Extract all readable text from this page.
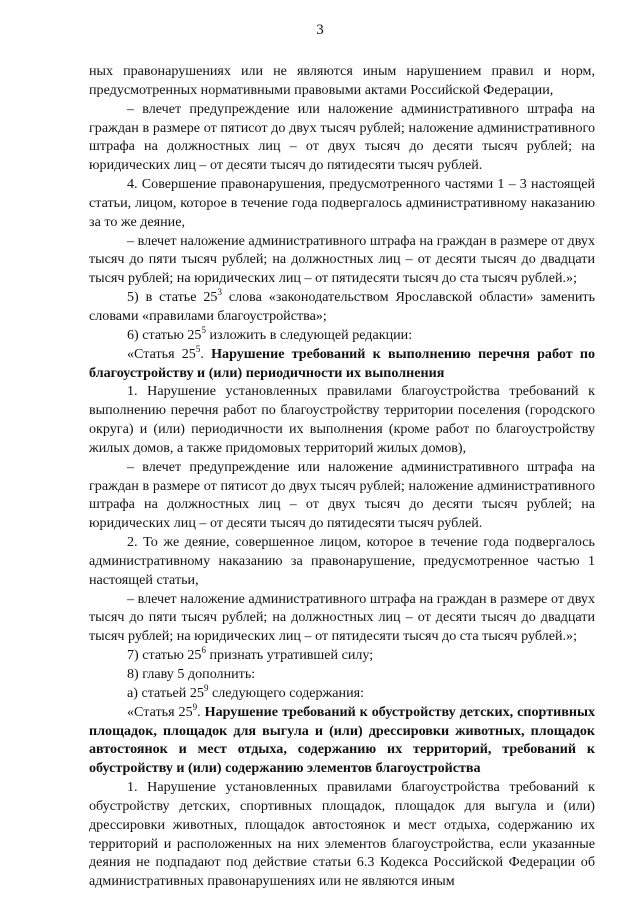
3

ных правонарушениях или не являются иным нарушением правил и норм, предусмотренных нормативными правовыми актами Российской Федерации,

– влечет предупреждение или наложение административного штрафа на граждан в размере от пятисот до двух тысяч рублей; наложение административного штрафа на должностных лиц – от двух тысяч до десяти тысяч рублей; на юридических лиц – от десяти тысяч до пятидесяти тысяч рублей.

4. Совершение правонарушения, предусмотренного частями 1 – 3 настоящей статьи, лицом, которое в течение года подвергалось административному наказанию за то же деяние,

– влечет наложение административного штрафа на граждан в размере от двух тысяч до пяти тысяч рублей; на должностных лиц – от десяти тысяч до двадцати тысяч рублей; на юридических лиц – от пятидесяти тысяч до ста тысяч рублей.»;

5) в статье $25^3$ слова «законодательством Ярославской области» заменить словами «правилами благоустройства»;

6) статью $25^5$ изложить в следующей редакции:

«Статья $25^5$. Нарушение требований к выполнению перечня работ по благоустройству и (или) периодичности их выполнения

1. Нарушение установленных правилами благоустройства требований к выполнению перечня работ по благоустройству территории поселения (городского округа) и (или) периодичности их выполнения (кроме работ по благоустройству жилых домов, а также придомовых территорий жилых домов),

– влечет предупреждение или наложение административного штрафа на граждан в размере от пятисот до двух тысяч рублей; наложение административного штрафа на должностных лиц – от двух тысяч до десяти тысяч рублей; на юридических лиц – от десяти тысяч до пятидесяти тысяч рублей.

2. То же деяние, совершенное лицом, которое в течение года подвергалось административному наказанию за правонарушение, предусмотренное частью 1 настоящей статьи,

– влечет наложение административного штрафа на граждан в размере от двух тысяч до пяти тысяч рублей; на должностных лиц – от десяти тысяч до двадцати тысяч рублей; на юридических лиц – от пятидесяти тысяч до ста тысяч рублей.»;

7) статью $25^6$ признать утратившей силу;

8) главу 5 дополнить:

а) статьей $25^9$ следующего содержания:

«Статья $25^9$. Нарушение требований к обустройству детских, спортивных площадок, площадок для выгула и (или) дрессировки животных, площадок автостоянок и мест отдыха, содержанию их территорий, требований к обустройству и (или) содержанию элементов благоустройства

1. Нарушение установленных правилами благоустройства требований к обустройству детских, спортивных площадок, площадок для выгула и (или) дрессировки животных, площадок автостоянок и мест отдыха, содержанию их территорий и расположенных на них элементов благоустройства, если указанные деяния не подпадают под действие статьи 6.3 Кодекса Российской Федерации об административных правонарушениях или не являются иным
